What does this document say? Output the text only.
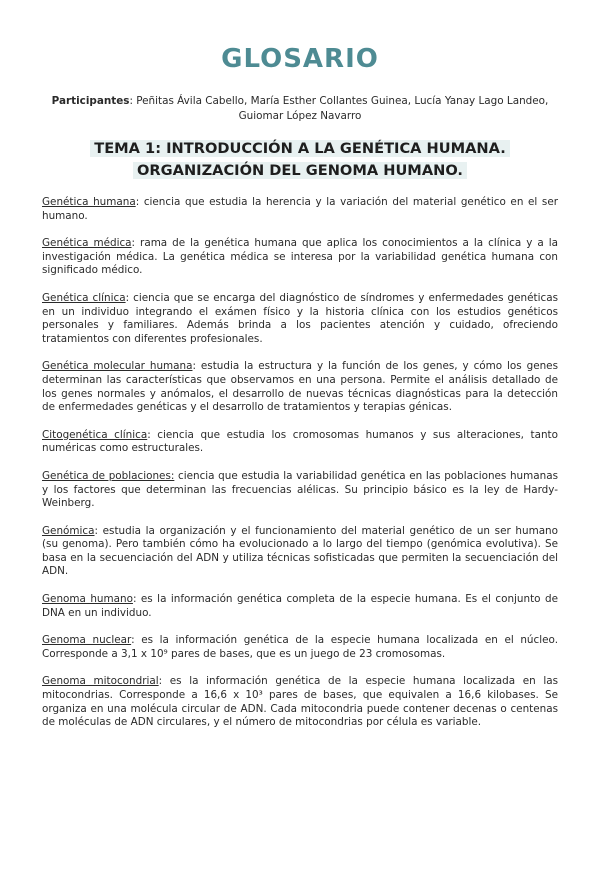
GLOSARIO

Participantes: Peñitas Ávila Cabello, María Esther Collantes Guinea, Lucía Yanay Lago Landeo, Guiomar López Navarro

TEMA 1: INTRODUCCIÓN A LA GENÉTICA HUMANA.
ORGANIZACIÓN DEL GENOMA HUMANO.

Genética humana: ciencia que estudia la herencia y la variación del material genético en el ser humano.

Genética médica: rama de la genética humana que aplica los conocimientos a la clínica y a la investigación médica. La genética médica se interesa por la variabilidad genética humana con significado médico.

Genética clínica: ciencia que se encarga del diagnóstico de síndromes y enfermedades genéticas en un individuo integrando el exámen físico y la historia clínica con los estudios genéticos personales y familiares. Además brinda a los pacientes atención y cuidado, ofreciendo tratamientos con diferentes profesionales.

Genética molecular humana: estudia la estructura y la función de los genes, y cómo los genes determinan las características que observamos en una persona. Permite el análisis detallado de los genes normales y anómalos, el desarrollo de nuevas técnicas diagnósticas para la detección de enfermedades genéticas y el desarrollo de tratamientos y terapias génicas.

Citogenética clínica: ciencia que estudia los cromosomas humanos y sus alteraciones, tanto numéricas como estructurales.

Genética de poblaciones: ciencia que estudia la variabilidad genética en las poblaciones humanas y los factores que determinan las frecuencias alélicas. Su principio básico es la ley de Hardy-Weinberg.

Genómica: estudia la organización y el funcionamiento del material genético de un ser humano (su genoma). Pero también cómo ha evolucionado a lo largo del tiempo (genómica evolutiva). Se basa en la secuenciación del ADN y utiliza técnicas sofisticadas que permiten la secuenciación del ADN.

Genoma humano: es la información genética completa de la especie humana. Es el conjunto de DNA en un individuo.

Genoma nuclear: es la información genética de la especie humana localizada en el núcleo. Corresponde a 3,1 x 10⁹ pares de bases, que es un juego de 23 cromosomas.

Genoma mitocondrial: es la información genética de la especie humana localizada en las mitocondrias. Corresponde a 16,6 x 10³ pares de bases, que equivalen a 16,6 kilobases. Se organiza en una molécula circular de ADN. Cada mitocondria puede contener decenas o centenas de moléculas de ADN circulares, y el número de mitocondrias por célula es variable.
